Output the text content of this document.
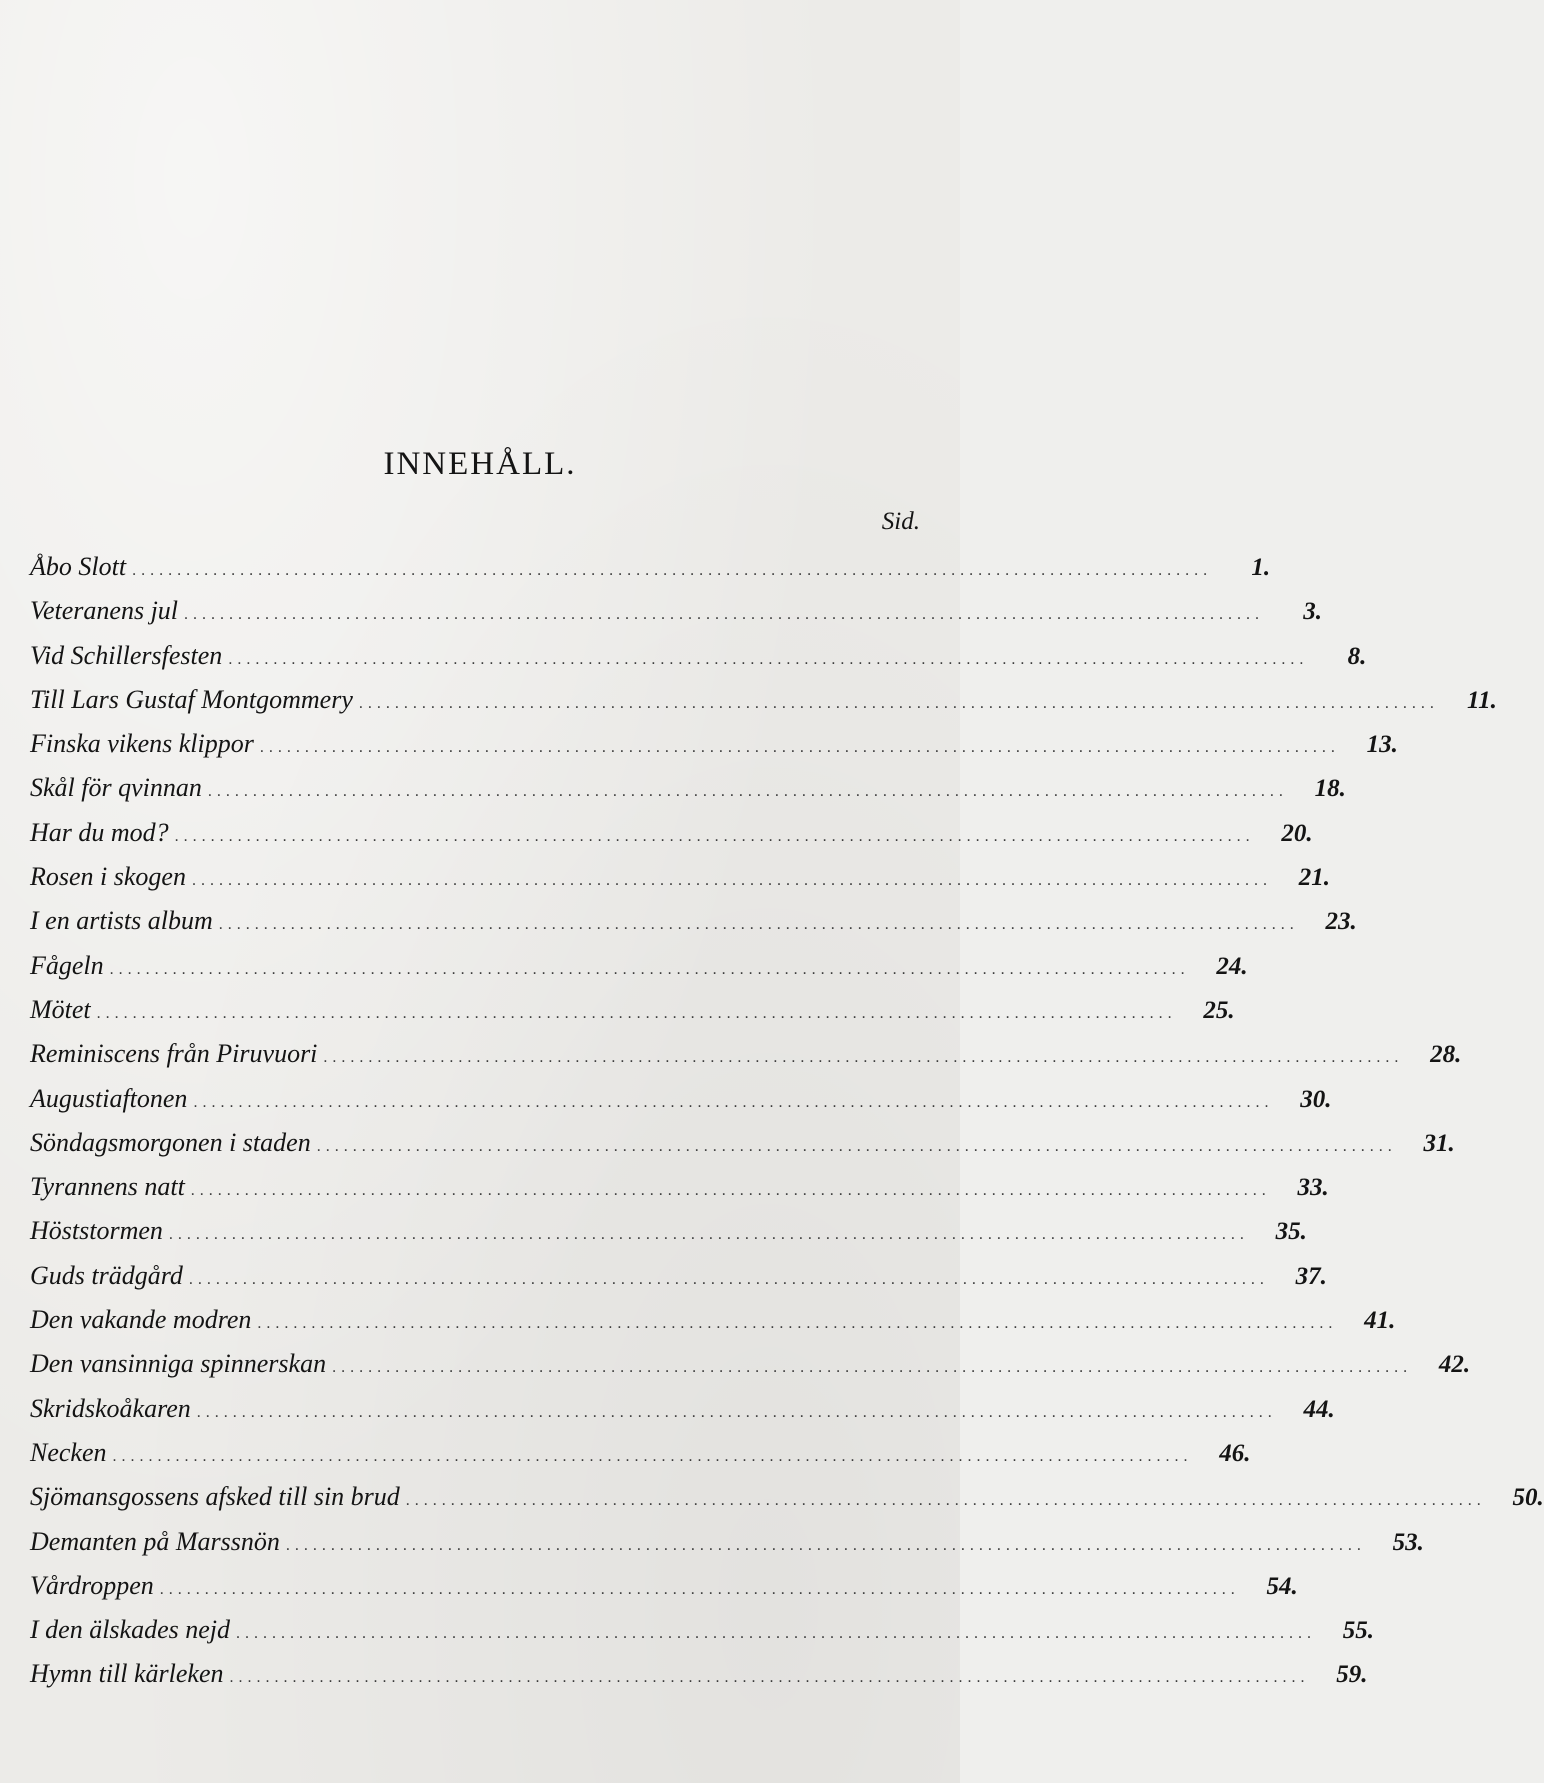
INNEHÅLL.
Sid.
Åbo Slott ........................................................................................................................	1.
Veteranens jul ........................................................................................................................	3.
Vid Schillersfesten ........................................................................................................................	8.
Till Lars Gustaf Montgommery ........................................................................................................................	11.
Finska vikens klippor ........................................................................................................................	13.
Skål för qvinnan ........................................................................................................................	18.
Har du mod? ........................................................................................................................	20.
Rosen i skogen ........................................................................................................................	21.
I en artists album ........................................................................................................................	23.
Fågeln ........................................................................................................................	24.
Mötet ........................................................................................................................	25.
Reminiscens från Piruvuori ........................................................................................................................	28.
Augustiaftonen ........................................................................................................................	30.
Söndagsmorgonen i staden ........................................................................................................................	31.
Tyrannens natt ........................................................................................................................	33.
Höststormen ........................................................................................................................	35.
Guds trädgård ........................................................................................................................	37.
Den vakande modren ........................................................................................................................	41.
Den vansinniga spinnerskan ........................................................................................................................	42.
Skridskoåkaren ........................................................................................................................	44.
Necken ........................................................................................................................	46.
Sjömansgossens afsked till sin brud ........................................................................................................................	50.
Demanten på Marssnön ........................................................................................................................	53.
Vårdroppen ........................................................................................................................	54.
I den älskades nejd ........................................................................................................................	55.
Hymn till kärleken ........................................................................................................................	59.
